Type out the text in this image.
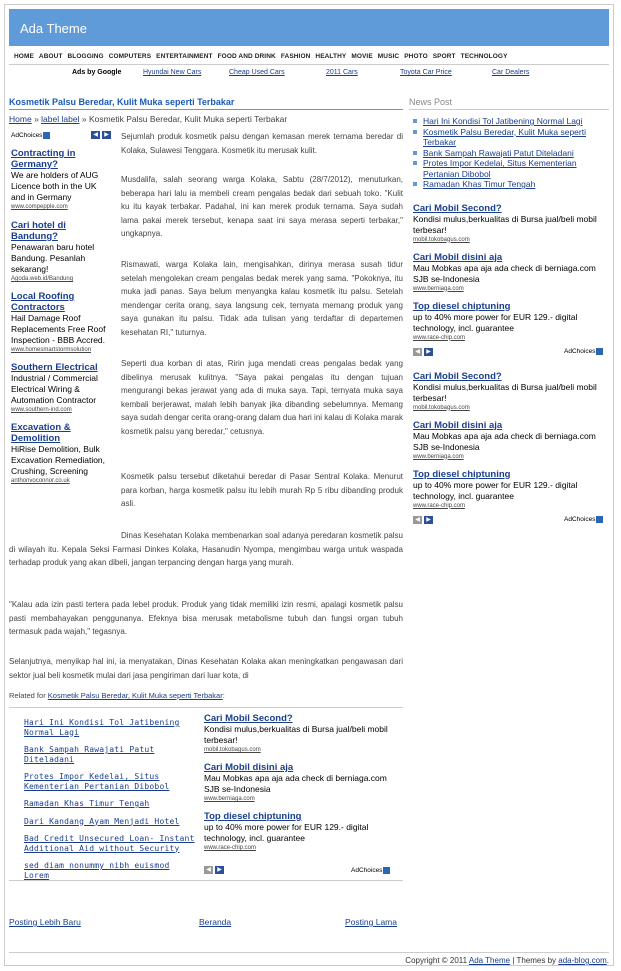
Ada Theme
HOME ABOUT BLOGGING COMPUTERS ENTERTAINMENT FOOD AND DRINK FASHION HEALTHY MOVIE MUSIC PHOTO SPORT TECHNOLOGY
Ads by Google	Hyundai New Cars	Cheap Used Cars	2011 Cars	Toyota Car Price	Car Dealers
Kosmetik Palsu Beredar, Kulit Muka seperti Terbakar
Home » label label » Kosmetik Palsu Beredar, Kulit Muka seperti Terbakar
AdChoices	◀	▶
Contracting in Germany?
We are holders of AUG Licence both in the UK and in Germany
www.compepple.com
Cari hotel di Bandung?
Penawaran baru hotel Bandung. Pesanlah sekarang!
Agoda.web.id/Bandung
Local Roofing Contractors
Hail Damage Roof Replacements Free Roof Inspection - BBB Accred.
www.homesmartstormsolution
Southern Electrical
Industrial / Commercial Electrical Wiring & Automation Contractor
www.southern-ind.com
Excavation & Demolition
HiRise Demolition, Bulk Excavation Remediation, Crushing, Screening
anthonvoconnor.co.uk
Sejumlah produk kosmetik palsu dengan kemasan merek ternama beredar di Kolaka, Sulawesi Tenggara. Kosmetik itu merusak kulit.
Musdalifa, salah seorang warga Kolaka, Sabtu (28/7/2012), menuturkan, beberapa hari lalu ia membeli cream pengalas bedak dari sebuah toko. "Kulit ku itu kayak terbakar. Padahal, ini kan merek produk ternama. Saya sudah lama pakai merek tersebut, kenapa saat ini saya merasa seperti terbakar," ungkapnya.
Rismawati, warga Kolaka lain, mengisahkan, dirinya merasa susah tidur setelah mengolekan cream pengalas bedak merek yang sama. "Pokoknya, itu muka jadi panas. Saya belum menyangka kalau kosmetik itu palsu. Setelah mendengar cerita orang, saya langsung cek, ternyata memang produk yang saya gunakan itu palsu. Tidak ada tulisan yang terdaftar di departemen kesehatan RI," tuturnya.
Seperti dua korban di atas, Ririn juga mendati creas pengalas bedak yang dibelinya merusak kulitnya. "Saya pakai pengalas itu dengan tujuan mengurangi bekas jerawat yang ada di muka saya. Tapi, ternyata muka saya kembali berjerawat, malah lebih banyak jika dibanding sebelumnya. Memang saya sudah dengar cerita orang-orang dalam dua hari ini kalau di Kolaka marak kosmetik palsu yang beredar," cetusnya.
Kosmetik palsu tersebut diketahui beredar di Pasar Sentral Kolaka. Menurut para korban, harga kosmetik palsu itu lebih murah Rp 5 ribu dibanding produk asli.
Dinas Kesehatan Kolaka membenarkan soal adanya peredaran kosmetik palsu di wilayah itu. Kepala Seksi Farmasi Dinkes Kolaka, Hasanudin Nyompa, mengimbau warga untuk waspada terhadap produk yang akan dibeli, jangan terpancing dengan harga yang murah.
"Kalau ada izin pasti tertera pada lebel produk. Produk yang tidak memiliki izin resmi, apalagi kosmetik palsu pasti membahayakan penggunanya. Efeknya bisa merusak metabolisme tubuh dan fungsi organ tubuh termasuk pada wajah," tegasnya.
Selanjutnya, menyikap hal ini, ia menyatakan, Dinas Kesehatan Kolaka akan meningkatkan pengawasan dari sektor jual beli kosmetik mulai dari jasa pengiriman dari luar kota, di
Related for Kosmetik Palsu Beredar, Kulit Muka seperti Terbakar:
Hari Ini Kondisi Tol Jatibening Normal Lagi
Bank Sampah Rawajati Patut Diteladani
Protes Impor Kedelai, Situs Kementerian Pertanian Dibobol
Ramadan Khas Timur Tengah
Dari Kandang Ayam Menjadi Hotel
Bad Credit Unsecured Loan- Instant Additional Aid without Security
sed diam nonummy nibh euismod Lorem
Cari Mobil Second?
Kondisi mulus,berkualitas di Bursa jual/beli mobil terbesar!
mobil.tokobagus.com
Cari Mobil disini aja
Mau Mobkas apa aja ada check di berniaga.com SJB se-Indonesia
www.berniaga.com
Top diesel chiptuning
up to 40% more power for EUR 129.- digital technology, incl. guarantee
www.race-chip.com
◀	▶	AdChoices
Posting Lebih Baru	Beranda	Posting Lama
News Post
Hari Ini Kondisi Tol Jatibening Normal Lagi
Kosmetik Palsu Beredar, Kulit Muka seperti Terbakar
Bank Sampah Rawajati Patut Diteladani
Protes Impor Kedelai, Situs Kementerian Pertanian Dibobol
Ramadan Khas Timur Tengah
Cari Mobil Second?
Kondisi mulus,berkualitas di Bursa jual/beli mobil terbesar!
mobil.tokobagus.com
Cari Mobil disini aja
Mau Mobkas apa aja ada check di berniaga.com SJB se-Indonesia
www.berniaga.com
Top diesel chiptuning
up to 40% more power for EUR 129.- digital technology, incl. guarantee
www.race-chip.com
◀	▶	AdChoices
Cari Mobil Second?
Kondisi mulus,berkualitas di Bursa jual/beli mobil terbesar!
mobil.tokobagus.com
Cari Mobil disini aja
Mau Mobkas apa aja ada check di berniaga.com SJB se-Indonesia
www.berniaga.com
Top diesel chiptuning
up to 40% more power for EUR 129.- digital technology, incl. guarantee
www.race-chip.com
◀	▶	AdChoices
Copyright © 2011 Ada Theme | Themes by ada-blog.com.
